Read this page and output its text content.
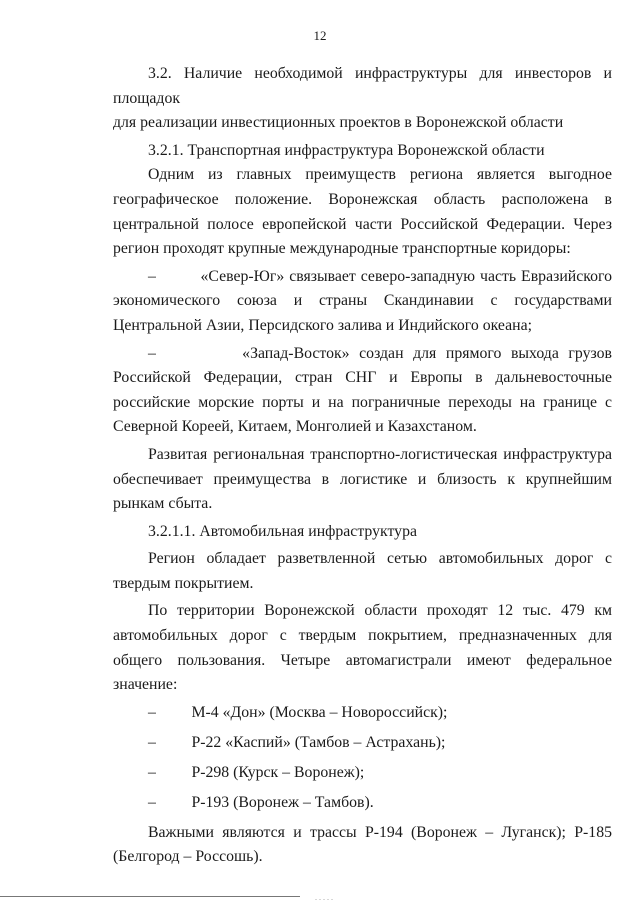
12

3.2. Наличие необходимой инфраструктуры для инвесторов и площадок

для реализации инвестиционных проектов в Воронежской области

3.2.1. Транспортная инфраструктура Воронежской области

Одним из главных преимуществ региона является выгодное географическое положение. Воронежская область расположена в центральной полосе европейской части Российской Федерации. Через регион проходят крупные международные транспортные коридоры:

–         «Север-Юг» связывает северо-западную часть Евразийского экономического союза и страны Скандинавии с государствами Центральной Азии, Персидского залива и Индийского океана;

–         «Запад-Восток» создан для прямого выхода грузов Российской Федерации, стран СНГ и Европы в дальневосточные российские морские порты и на пограничные переходы на границе с Северной Кореей, Китаем, Монголией и Казахстаном.

Развитая региональная транспортно-логистическая инфраструктура обеспечивает преимущества в логистике и близость к крупнейшим рынкам сбыта.

3.2.1.1. Автомобильная инфраструктура

Регион обладает разветвленной сетью автомобильных дорог с твердым покрытием.

По территории Воронежской области проходят 12 тыс. 479 км автомобильных дорог с твердым покрытием, предназначенных для общего пользования. Четыре автомагистрали имеют федеральное значение:

–         М-4 «Дон» (Москва – Новороссийск);

–         Р-22 «Каспий» (Тамбов – Астрахань);

–         Р-298 (Курск – Воронеж);

–         Р-193 (Воронеж – Тамбов).

Важными являются и трассы Р-194 (Воронеж – Луганск); Р-185 (Белгород – Россошь).

.....
